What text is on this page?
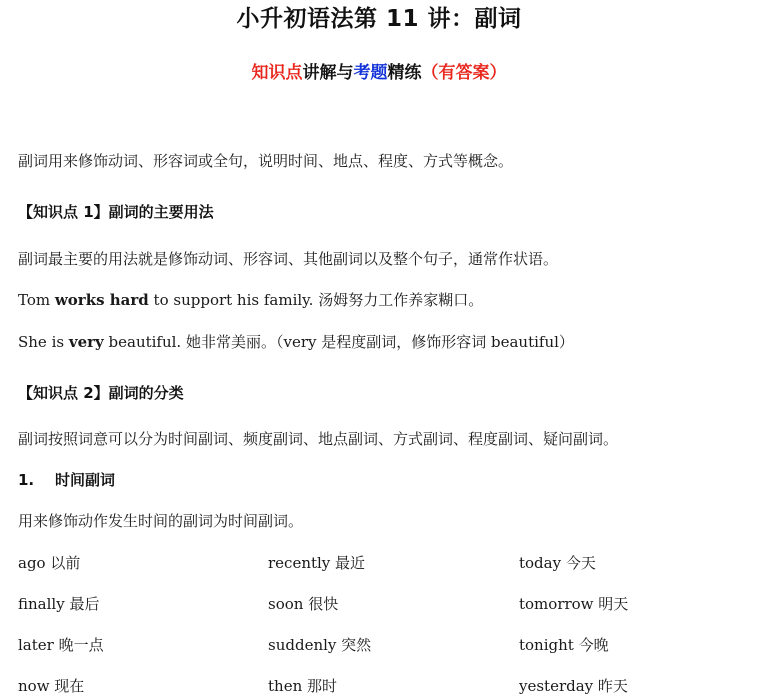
小升初语法第 11 讲：副词
知识点讲解与考题精练（有答案）
副词用来修饰动词、形容词或全句，说明时间、地点、程度、方式等概念。
【知识点 1】副词的主要用法
副词最主要的用法就是修饰动词、形容词、其他副词以及整个句子，通常作状语。
Tom works hard to support his family. 汤姆努力工作养家糊口。
She is very beautiful. 她非常美丽。（very 是程度副词，修饰形容词 beautiful）
【知识点 2】副词的分类
副词按照词意可以分为时间副词、频度副词、地点副词、方式副词、程度副词、疑问副词。
1. 时间副词
用来修饰动作发生时间的副词为时间副词。
ago 以前	recently 最近	today 今天
finally 最后	soon 很快	tomorrow 明天
later 晚一点	suddenly 突然	tonight 今晚
now 现在	then 那时	yesterday 昨天
